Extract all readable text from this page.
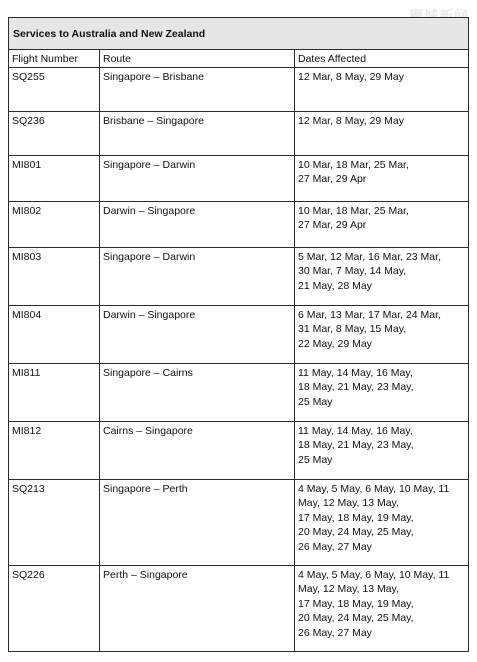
Services to Australia and New Zealand		
Flight Number	Route	Dates Affected
SQ255	Singapore – Brisbane	12 Mar, 8 May, 29 May

SQ236	Brisbane – Singapore	12 Mar, 8 May, 29 May

MI801	Singapore – Darwin	10 Mar, 18 Mar, 25 Mar,
27 Mar, 29 Apr

MI802	Darwin – Singapore	10 Mar, 18 Mar, 25 Mar,
27 Mar, 29 Apr

MI803	Singapore – Darwin	5 Mar, 12 Mar, 16 Mar, 23 Mar,
30 Mar, 7 May, 14 May,
21 May, 28 May

MI804	Darwin – Singapore	6 Mar, 13 Mar, 17 Mar, 24 Mar,
31 Mar, 8 May, 15 May,
22 May, 29 May

MI811	Singapore – Cairns	11 May, 14 May, 16 May,
18 May, 21 May, 23 May,
25 May

MI812	Cairns – Singapore	11 May, 14 May, 16 May,
18 May, 21 May, 23 May,
25 May

SQ213	Singapore – Perth	4 May, 5 May, 6 May, 10 May, 11
May, 12 May, 13 May,
17 May, 18 May, 19 May,
20 May, 24 May, 25 May,
26 May, 27 May

SQ226	Perth – Singapore	4 May, 5 May, 6 May, 10 May, 11
May, 12 May, 13 May,
17 May, 18 May, 19 May,
20 May, 24 May, 25 May,
26 May, 27 May
